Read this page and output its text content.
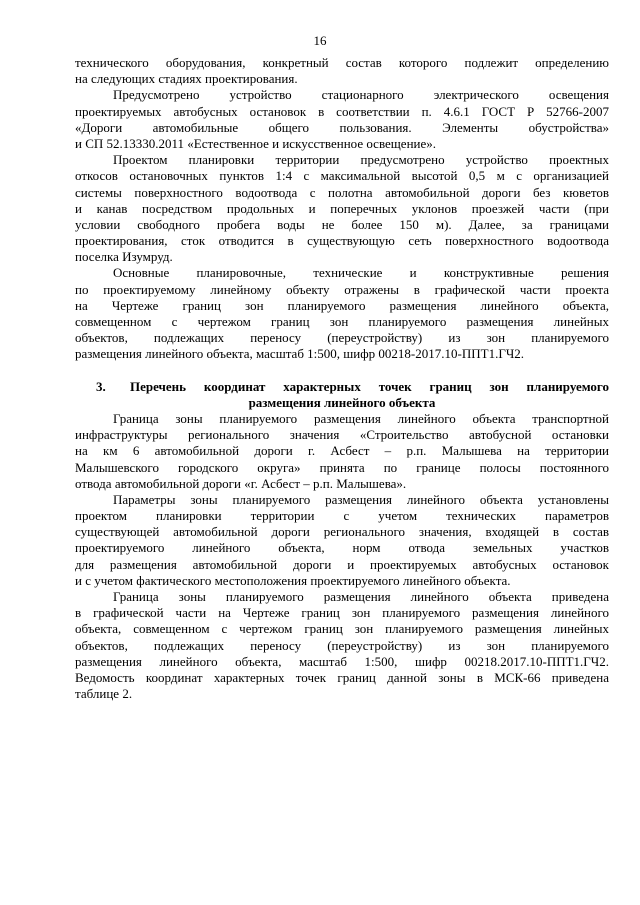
16
технического оборудования, конкретный состав которого подлежит определению
на следующих стадиях проектирования.
Предусмотрено устройство стационарного электрического освещения
проектируемых автобусных остановок в соответствии п. 4.6.1 ГОСТ Р 52766-2007
«Дороги автомобильные общего пользования. Элементы обустройства»
и СП 52.13330.2011 «Естественное и искусственное освещение».
Проектом планировки территории предусмотрено устройство проектных
откосов остановочных пунктов 1:4 с максимальной высотой 0,5 м с организацией
системы поверхностного водоотвода с полотна автомобильной дороги без кюветов
и канав посредством продольных и поперечных уклонов проезжей части (при
условии свободного пробега воды не более 150 м). Далее, за границами
проектирования, сток отводится в существующую сеть поверхностного водоотвода
поселка Изумруд.
Основные планировочные, технические и конструктивные решения
по проектируемому линейному объекту отражены в графической части проекта
на Чертеже границ зон планируемого размещения линейного объекта,
совмещенном с чертежом границ зон планируемого размещения линейных
объектов, подлежащих переносу (переустройству) из зон планируемого
размещения линейного объекта, масштаб 1:500, шифр 00218-2017.10-ППТ1.ГЧ2.
3. Перечень координат характерных точек границ зон планируемого
размещения линейного объекта
Граница зоны планируемого размещения линейного объекта транспортной
инфраструктуры регионального значения «Строительство автобусной остановки
на км 6 автомобильной дороги г. Асбест – р.п. Малышева на территории
Малышевского городского округа» принята по границе полосы постоянного
отвода автомобильной дороги «г. Асбест – р.п. Малышева».
Параметры зоны планируемого размещения линейного объекта установлены
проектом планировки территории с учетом технических параметров
существующей автомобильной дороги регионального значения, входящей в состав
проектируемого линейного объекта, норм отвода земельных участков
для размещения автомобильной дороги и проектируемых автобусных остановок
и с учетом фактического местоположения проектируемого линейного объекта.
Граница зоны планируемого размещения линейного объекта приведена
в графической части на Чертеже границ зон планируемого размещения линейного
объекта, совмещенном с чертежом границ зон планируемого размещения линейных
объектов, подлежащих переносу (переустройству) из зон планируемого
размещения линейного объекта, масштаб 1:500, шифр 00218.2017.10-ППТ1.ГЧ2.
Ведомость координат характерных точек границ данной зоны в МСК-66 приведена
таблице 2.
